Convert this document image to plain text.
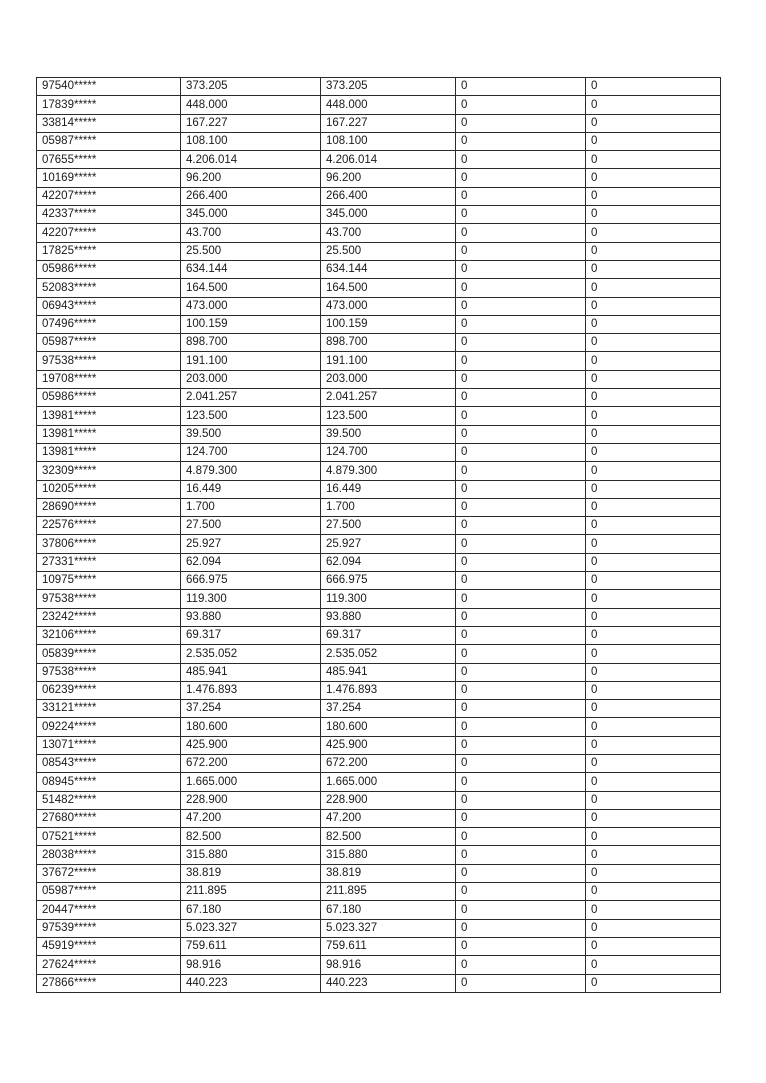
97540*****	373.205	373.205	0	0
17839*****	448.000	448.000	0	0
33814*****	167.227	167.227	0	0
05987*****	108.100	108.100	0	0
07655*****	4.206.014	4.206.014	0	0
10169*****	96.200	96.200	0	0
42207*****	266.400	266.400	0	0
42337*****	345.000	345.000	0	0
42207*****	43.700	43.700	0	0
17825*****	25.500	25.500	0	0
05986*****	634.144	634.144	0	0
52083*****	164.500	164.500	0	0
06943*****	473.000	473.000	0	0
07496*****	100.159	100.159	0	0
05987*****	898.700	898.700	0	0
97538*****	191.100	191.100	0	0
19708*****	203.000	203.000	0	0
05986*****	2.041.257	2.041.257	0	0
13981*****	123.500	123.500	0	0
13981*****	39.500	39.500	0	0
13981*****	124.700	124.700	0	0
32309*****	4.879.300	4.879.300	0	0
10205*****	16.449	16.449	0	0
28690*****	1.700	1.700	0	0
22576*****	27.500	27.500	0	0
37806*****	25.927	25.927	0	0
27331*****	62.094	62.094	0	0
10975*****	666.975	666.975	0	0
97538*****	119.300	119.300	0	0
23242*****	93.880	93.880	0	0
32106*****	69.317	69.317	0	0
05839*****	2.535.052	2.535.052	0	0
97538*****	485.941	485.941	0	0
06239*****	1.476.893	1.476.893	0	0
33121*****	37.254	37.254	0	0
09224*****	180.600	180.600	0	0
13071*****	425.900	425.900	0	0
08543*****	672.200	672.200	0	0
08945*****	1.665.000	1.665.000	0	0
51482*****	228.900	228.900	0	0
27680*****	47.200	47.200	0	0
07521*****	82.500	82.500	0	0
28038*****	315.880	315.880	0	0
37672*****	38.819	38.819	0	0
05987*****	211.895	211.895	0	0
20447*****	67.180	67.180	0	0
97539*****	5.023.327	5.023.327	0	0
45919*****	759.611	759.611	0	0
27624*****	98.916	98.916	0	0
27866*****	440.223	440.223	0	0
